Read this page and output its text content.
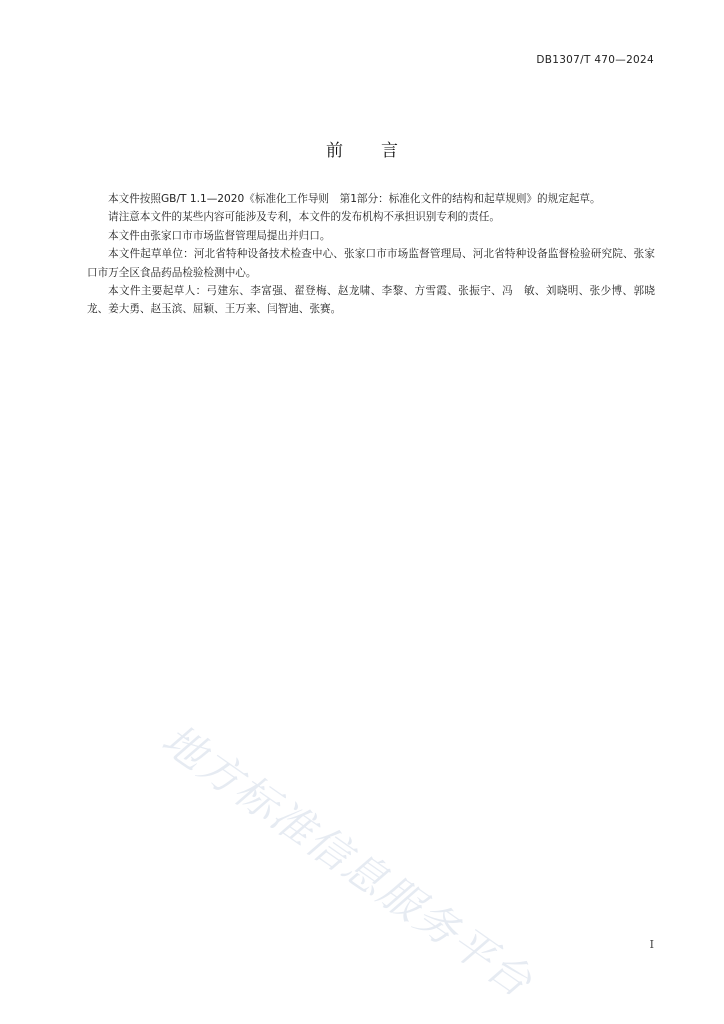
DB1307/T 470—2024
前 言

本文件按照GB/T 1.1—2020《标准化工作导则　第1部分：标准化文件的结构和起草规则》的规定起草。

请注意本文件的某些内容可能涉及专利，本文件的发布机构不承担识别专利的责任。

本文件由张家口市市场监督管理局提出并归口。

本文件起草单位：河北省特种设备技术检查中心、张家口市市场监督管理局、河北省特种设备监督检验研究院、张家口市万全区食品药品检验检测中心。

本文件主要起草人：弓建东、李富强、翟登梅、赵龙啸、李黎、方雪霞、张振宇、冯　敏、刘晓明、张少博、郭晓龙、姜大勇、赵玉滨、屈颖、王万来、闫智迪、张赛。

地方标准信息服务平台	I
